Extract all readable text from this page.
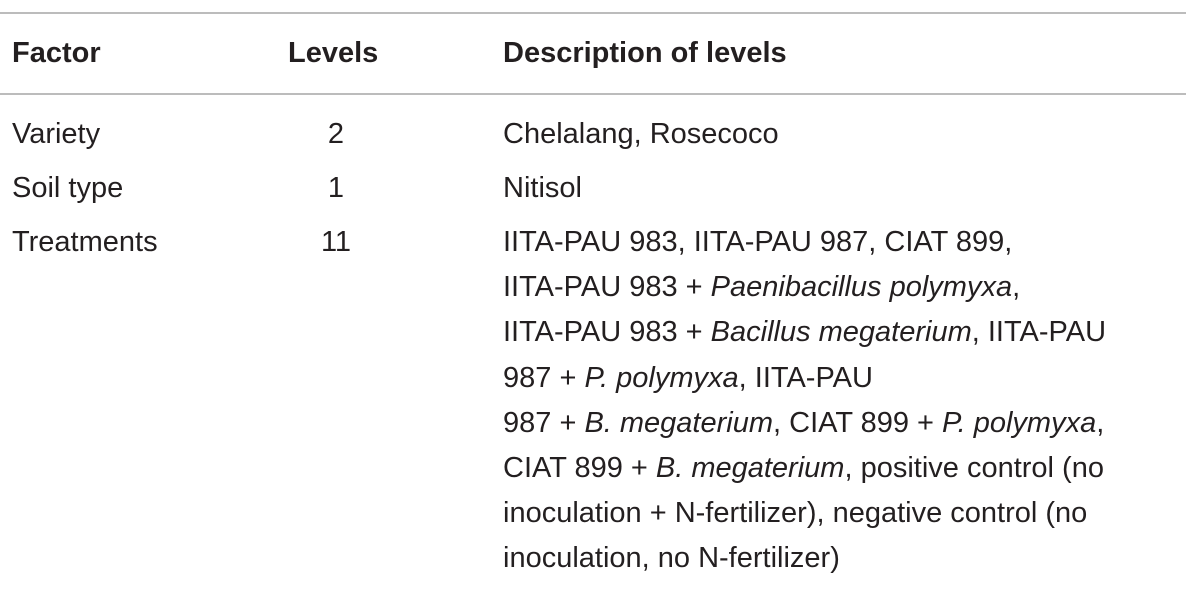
Factor	Levels	Description of levels
Variety	2	Chelalang, Rosecoco
Soil type	1	Nitisol
Treatments	11	IITA-PAU 983, IITA-PAU 987, CIAT 899,
IITA-PAU 983 + Paenibacillus polymyxa,
IITA-PAU 983 + Bacillus megaterium, IITA-PAU
987 + P. polymyxa, IITA-PAU
987 + B. megaterium, CIAT 899 + P. polymyxa,
CIAT 899 + B. megaterium, positive control (no
inoculation + N-fertilizer), negative control (no
inoculation, no N-fertilizer)
